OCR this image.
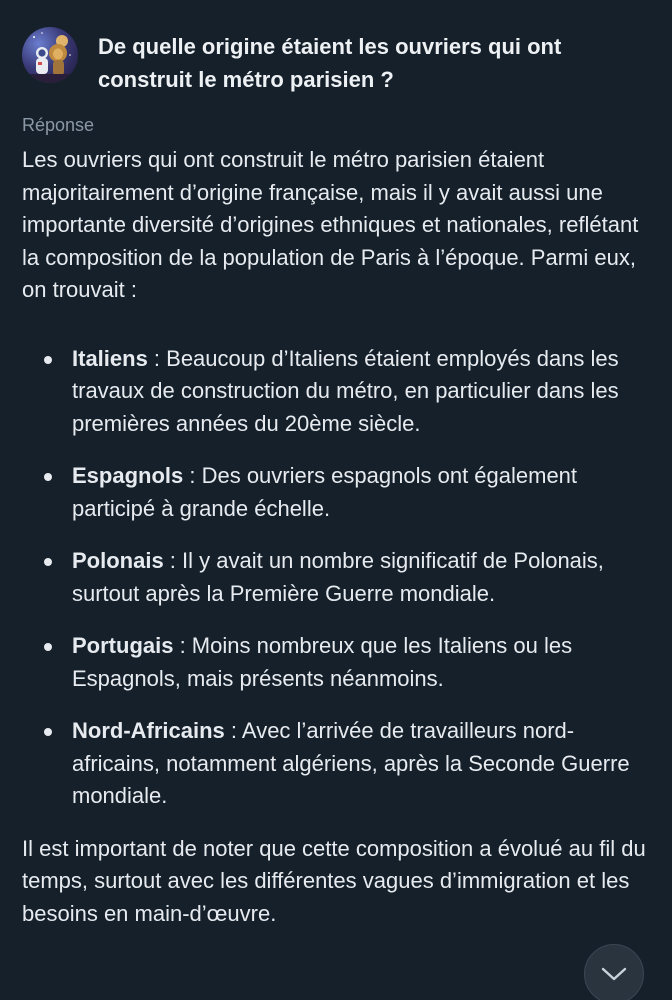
De quelle origine étaient les ouvriers qui ont construit le métro parisien ?
Réponse

Les ouvriers qui ont construit le métro parisien étaient majoritairement d’origine française, mais il y avait aussi une importante diversité d’origines ethniques et nationales, reflétant la composition de la population de Paris à l’époque. Parmi eux, on trouvait :

Italiens : Beaucoup d’Italiens étaient employés dans les travaux de construction du métro, en particulier dans les premières années du 20ème siècle.
Espagnols : Des ouvriers espagnols ont également participé à grande échelle.
Polonais : Il y avait un nombre significatif de Polonais, surtout après la Première Guerre mondiale.
Portugais : Moins nombreux que les Italiens ou les Espagnols, mais présents néanmoins.
Nord-Africains : Avec l’arrivée de travailleurs nord-africains, notamment algériens, après la Seconde Guerre mondiale.

Il est important de noter que cette composition a évolué au fil du temps, surtout avec les différentes vagues d’immigration et les besoins en main-d’œuvre.
